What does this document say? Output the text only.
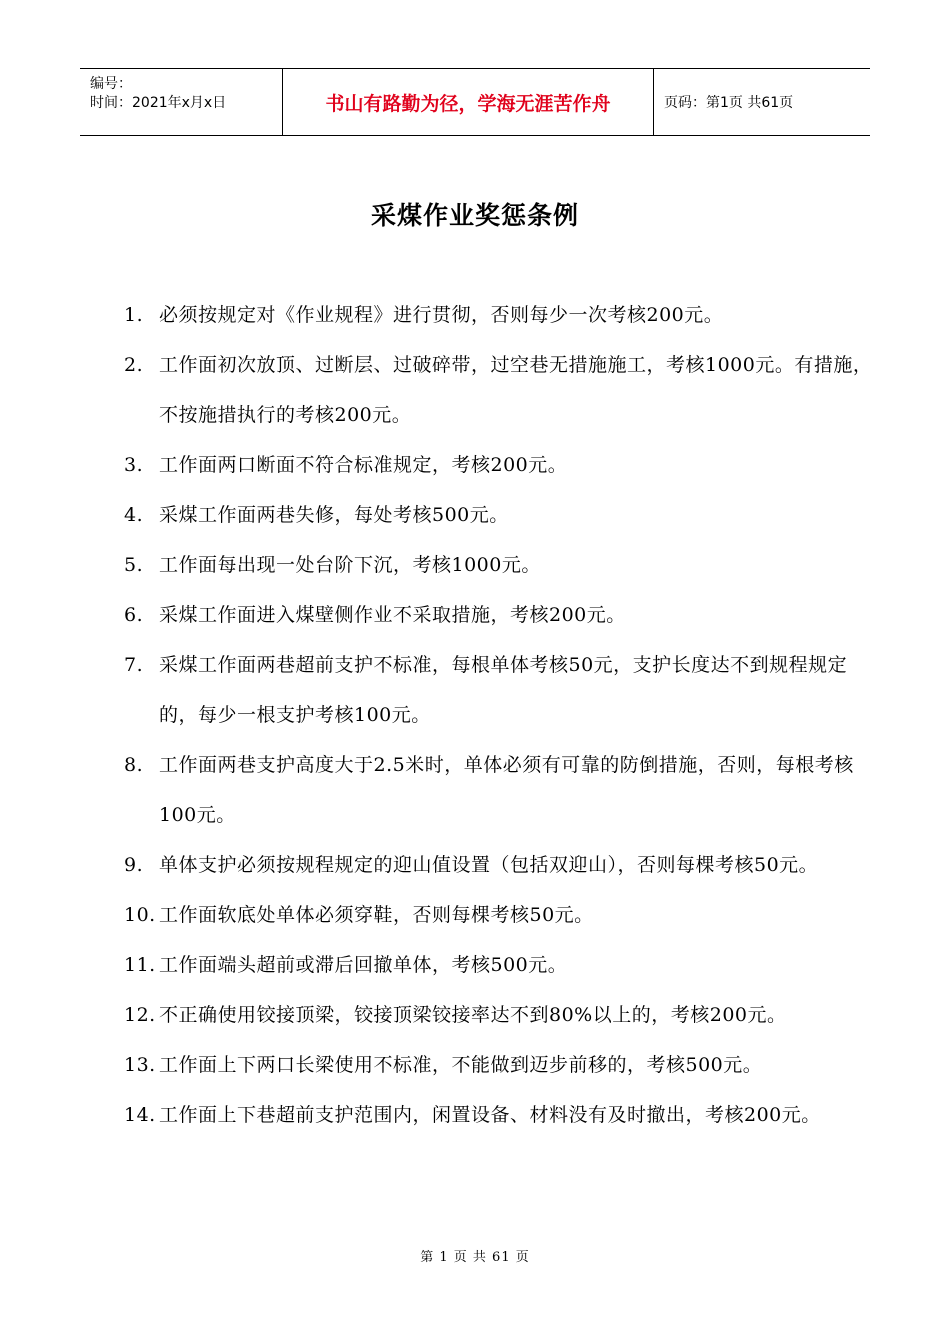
编号：
时间：2021年x月x日	书山有路勤为径，学海无涯苦作舟	页码：第1页 共61页
采煤作业奖惩条例
1. 必须按规定对《作业规程》进行贯彻，否则每少一次考核200元。
2. 工作面初次放顶、过断层、过破碎带，过空巷无措施施工，考核1000元。有措施，不按施措执行的考核200元。
3. 工作面两口断面不符合标准规定，考核200元。
4. 采煤工作面两巷失修，每处考核500元。
5. 工作面每出现一处台阶下沉，考核1000元。
6. 采煤工作面进入煤壁侧作业不采取措施，考核200元。
7. 采煤工作面两巷超前支护不标准，每根单体考核50元，支护长度达不到规程规定的，每少一根支护考核100元。
8. 工作面两巷支护高度大于2.5米时，单体必须有可靠的防倒措施，否则，每根考核100元。
9. 单体支护必须按规程规定的迎山值设置（包括双迎山），否则每棵考核50元。
10. 工作面软底处单体必须穿鞋，否则每棵考核50元。
11. 工作面端头超前或滞后回撤单体，考核500元。
12. 不正确使用铰接顶梁，铰接顶梁铰接率达不到80%以上的，考核200元。
13. 工作面上下两口长梁使用不标准，不能做到迈步前移的，考核500元。
14. 工作面上下巷超前支护范围内，闲置设备、材料没有及时撤出，考核200元。
第 1 页 共 61 页
